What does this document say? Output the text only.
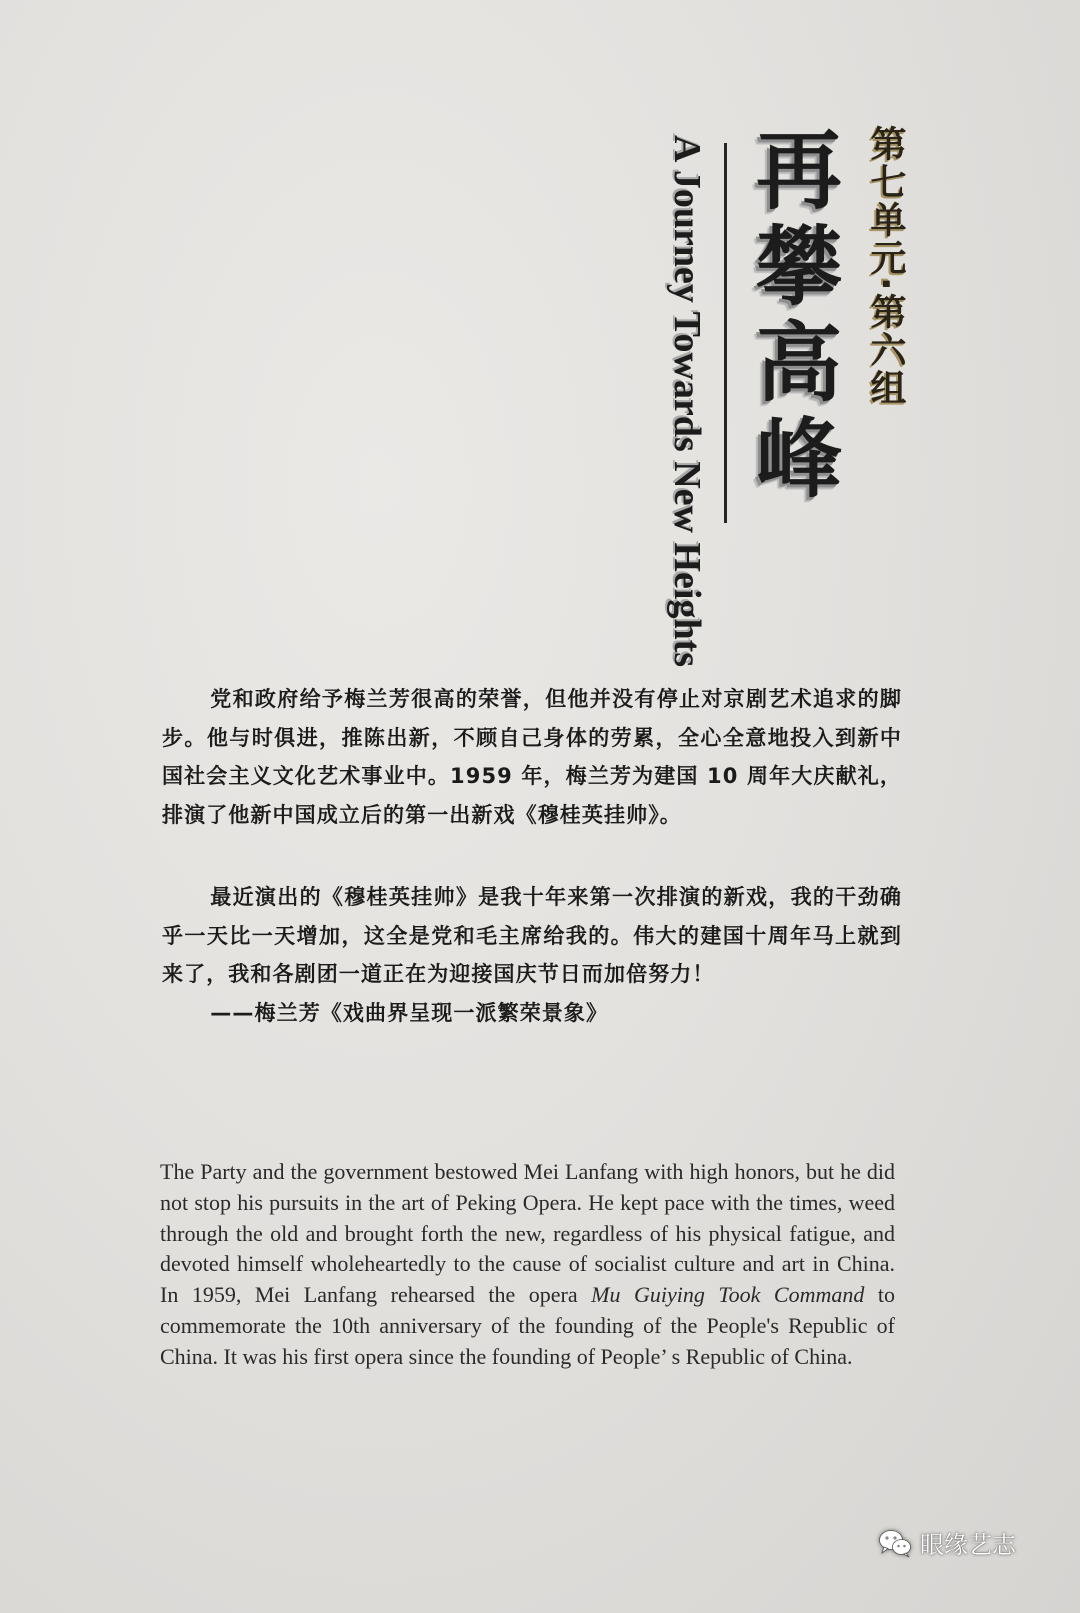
第七单元·第六组
再攀高峰
A Journey Towards New Heights

党和政府给予梅兰芳很高的荣誉，但他并没有停止对京剧艺术追求的脚步。他与时俱进，推陈出新，不顾自己身体的劳累，全心全意地投入到新中国社会主义文化艺术事业中。1959 年，梅兰芳为建国 10 周年大庆献礼，排演了他新中国成立后的第一出新戏《穆桂英挂帅》。

最近演出的《穆桂英挂帅》是我十年来第一次排演的新戏，我的干劲确乎一天比一天增加，这全是党和毛主席给我的。伟大的建国十周年马上就到来了，我和各剧团一道正在为迎接国庆节日而加倍努力！

——梅兰芳《戏曲界呈现一派繁荣景象》

The Party and the government bestowed Mei Lanfang with high honors, but he did not stop his pursuits in the art of Peking Opera. He kept pace with the times, weed through the old and brought forth the new, regardless of his physical fatigue, and devoted himself wholeheartedly to the cause of socialist culture and art in China. In 1959, Mei Lanfang rehearsed the opera Mu Guiying Took Command to commemorate the 10th anniversary of the founding of the People's Republic of China. It was his first opera since the founding of People’ s Republic of China.

眼缘艺志
